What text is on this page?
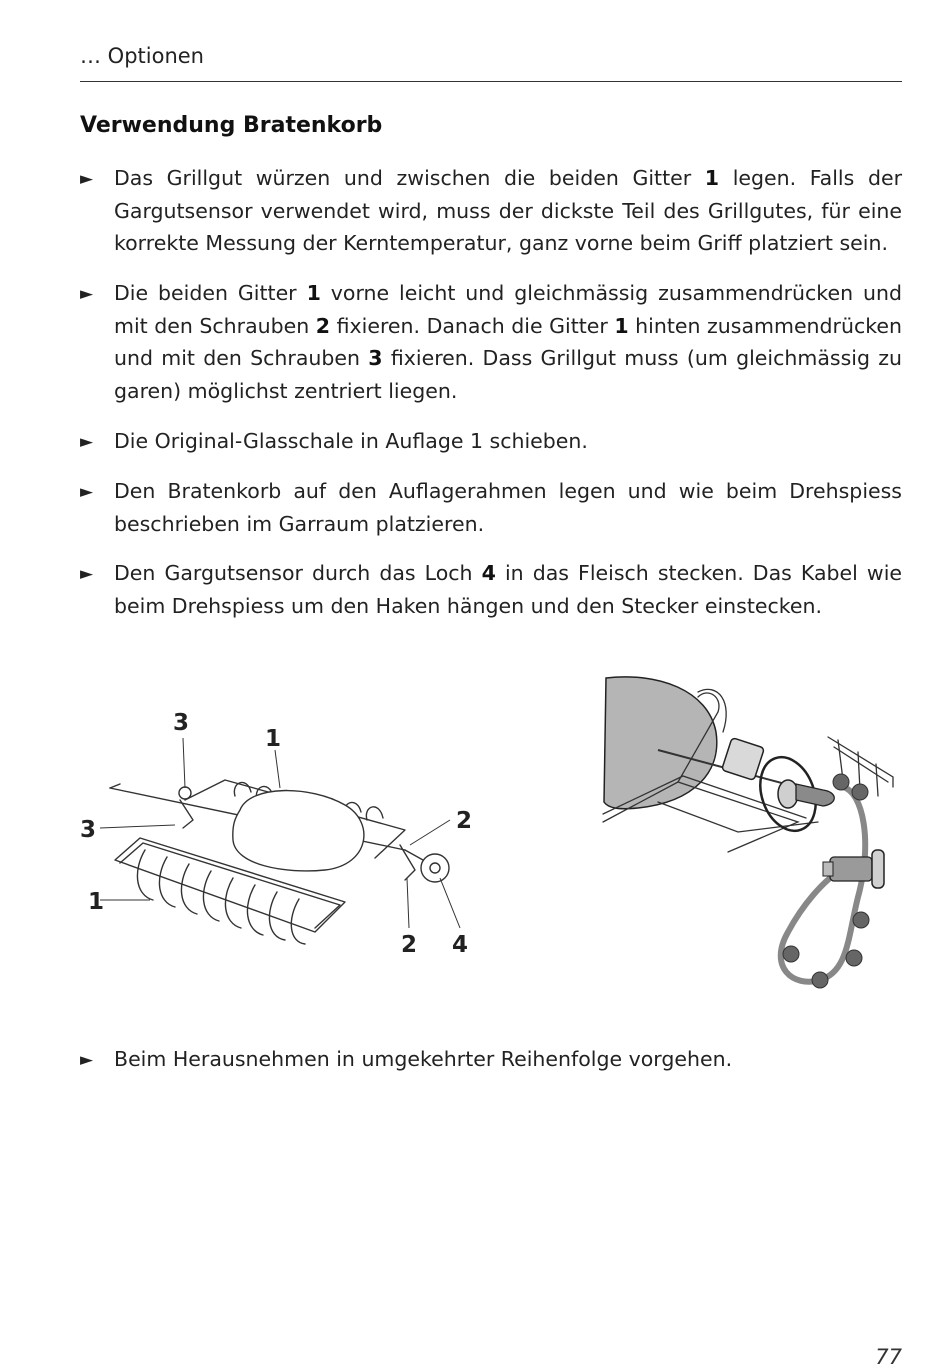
… Optionen
Verwendung Bratenkorb
► Das Grillgut würzen und zwischen die beiden Gitter 1 legen. Falls der Gargutsensor verwendet wird, muss der dickste Teil des Grillgutes, für eine korrekte Messung der Kerntemperatur, ganz vorne beim Griff platziert sein.
► Die beiden Gitter 1 vorne leicht und gleichmässig zusammendrücken und mit den Schrauben 2 fixieren. Danach die Gitter 1 hinten zusammendrücken und mit den Schrauben 3 fixieren. Dass Grillgut muss (um gleichmässig zu garen) möglichst zentriert liegen.
► Die Original-Glasschale in Auflage 1 schieben.
► Den Bratenkorb auf den Auflagerahmen legen und wie beim Drehspiess beschrieben im Garraum platzieren.
► Den Gargutsensor durch das Loch 4 in das Fleisch stecken. Das Kabel wie beim Drehspiess um den Haken hängen und den Stecker einstecken.
3
1
3
1
2
2 4
► Beim Herausnehmen in umgekehrter Reihenfolge vorgehen.
77
